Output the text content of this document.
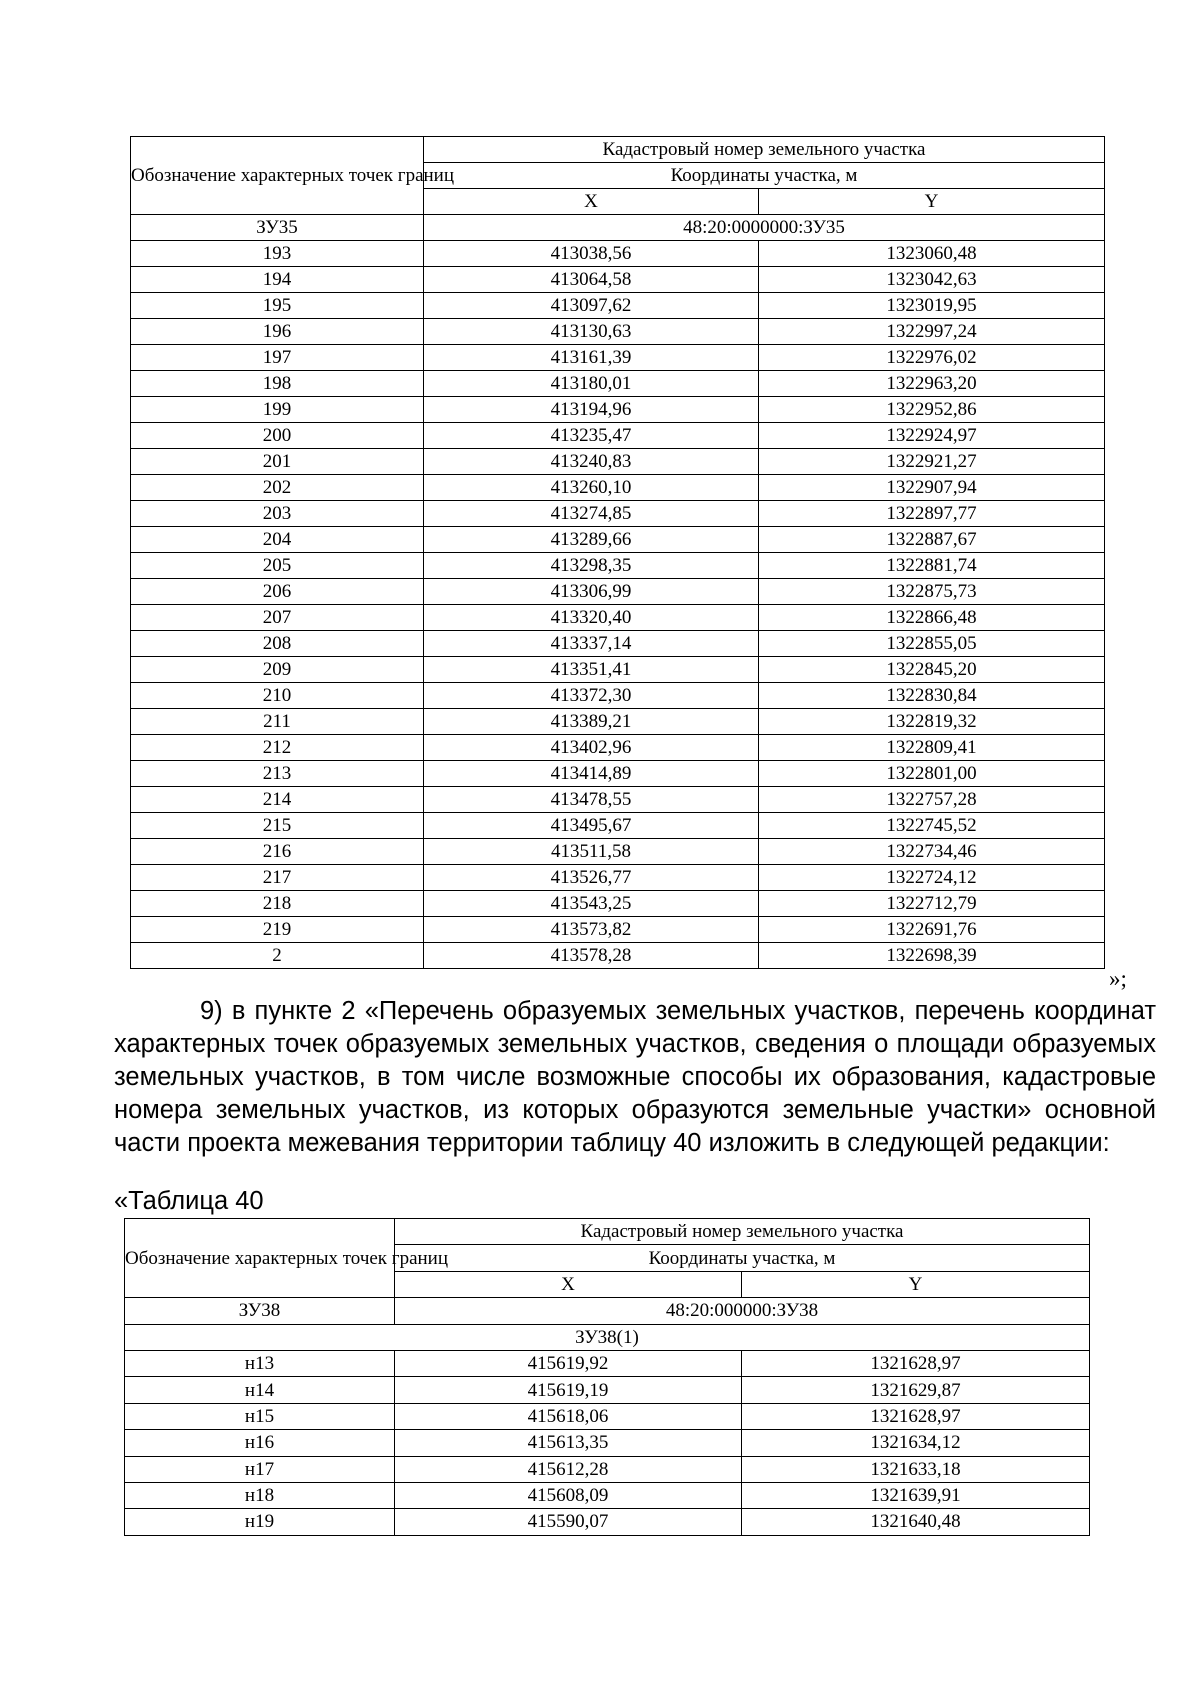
Обозначение характерных точек границ	Кадастровый номер земельного участка	
	Координаты участка, м	
	X	Y
ЗУ35	48:20:0000000:ЗУ35	
193	413038,56	1323060,48
194	413064,58	1323042,63
195	413097,62	1323019,95
196	413130,63	1322997,24
197	413161,39	1322976,02
198	413180,01	1322963,20
199	413194,96	1322952,86
200	413235,47	1322924,97
201	413240,83	1322921,27
202	413260,10	1322907,94
203	413274,85	1322897,77
204	413289,66	1322887,67
205	413298,35	1322881,74
206	413306,99	1322875,73
207	413320,40	1322866,48
208	413337,14	1322855,05
209	413351,41	1322845,20
210	413372,30	1322830,84
211	413389,21	1322819,32
212	413402,96	1322809,41
213	413414,89	1322801,00
214	413478,55	1322757,28
215	413495,67	1322745,52
216	413511,58	1322734,46
217	413526,77	1322724,12
218	413543,25	1322712,79
219	413573,82	1322691,76
2	413578,28	1322698,39
»;

9) в пункте 2 «Перечень образуемых земельных участков, перечень координат характерных точек образуемых земельных участков, сведения о площади образуемых земельных участков, в том числе возможные способы их образования, кадастровые номера земельных участков, из которых образуются земельные участки» основной части проекта межевания территории таблицу 40 изложить в следующей редакции:

«Таблица 40
Обозначение характерных точек границ	Кадастровый номер земельного участка	
	Координаты участка, м	
	X	Y
ЗУ38	48:20:000000:ЗУ38	
ЗУ38(1)		
н13	415619,92	1321628,97
н14	415619,19	1321629,87
н15	415618,06	1321628,97
н16	415613,35	1321634,12
н17	415612,28	1321633,18
н18	415608,09	1321639,91
н19	415590,07	1321640,48
